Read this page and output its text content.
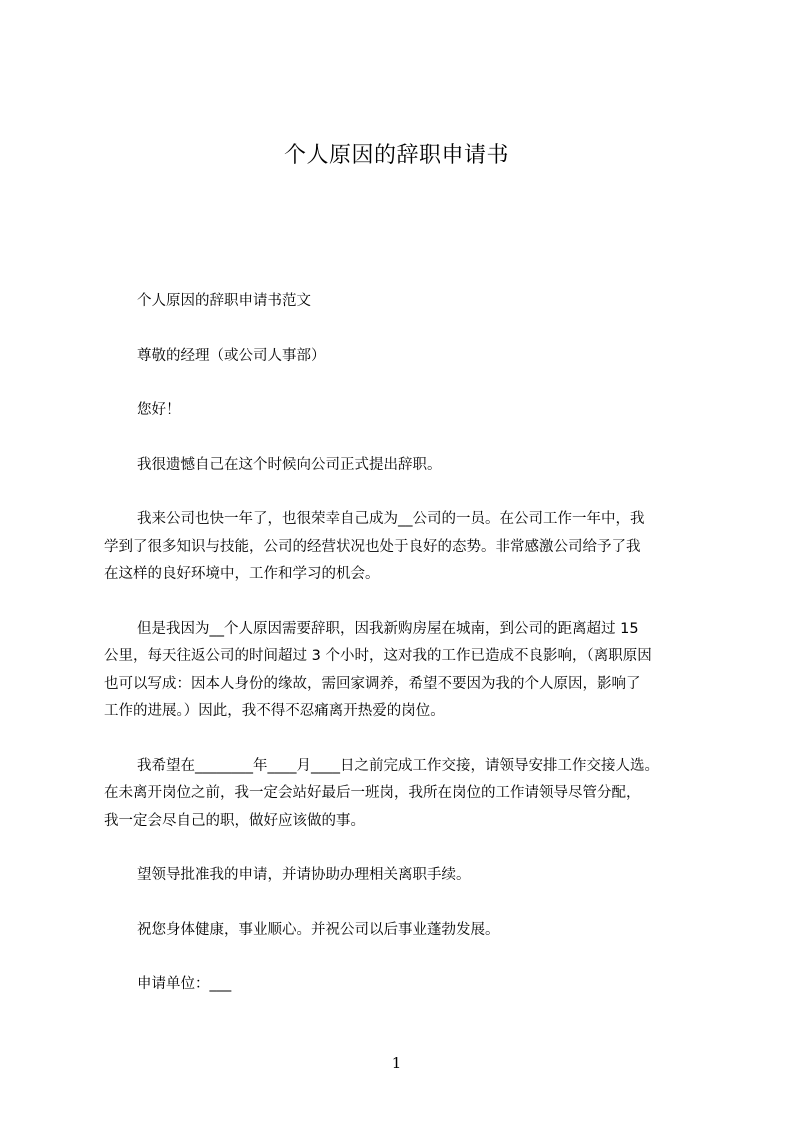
个人原因的辞职申请书

个人原因的辞职申请书范文

尊敬的经理（或公司人事部）

您好！

我很遗憾自己在这个时候向公司正式提出辞职。

我来公司也快一年了，也很荣幸自己成为__公司的一员。在公司工作一年中，我
学到了很多知识与技能，公司的经营状况也处于良好的态势。非常感激公司给予了我
在这样的良好环境中，工作和学习的机会。

但是我因为__个人原因需要辞职，因我新购房屋在城南，到公司的距离超过 15
公里，每天往返公司的时间超过 3 个小时，这对我的工作已造成不良影响，（离职原因
也可以写成：因本人身份的缘故，需回家调养，希望不要因为我的个人原因，影响了
工作的进展。）因此，我不得不忍痛离开热爱的岗位。

我希望在________年____月____日之前完成工作交接，请领导安排工作交接人选。
在未离开岗位之前，我一定会站好最后一班岗，我所在岗位的工作请领导尽管分配，
我一定会尽自己的职，做好应该做的事。

望领导批准我的申请，并请协助办理相关离职手续。

祝您身体健康，事业顺心。并祝公司以后事业蓬勃发展。

申请单位：___

1
